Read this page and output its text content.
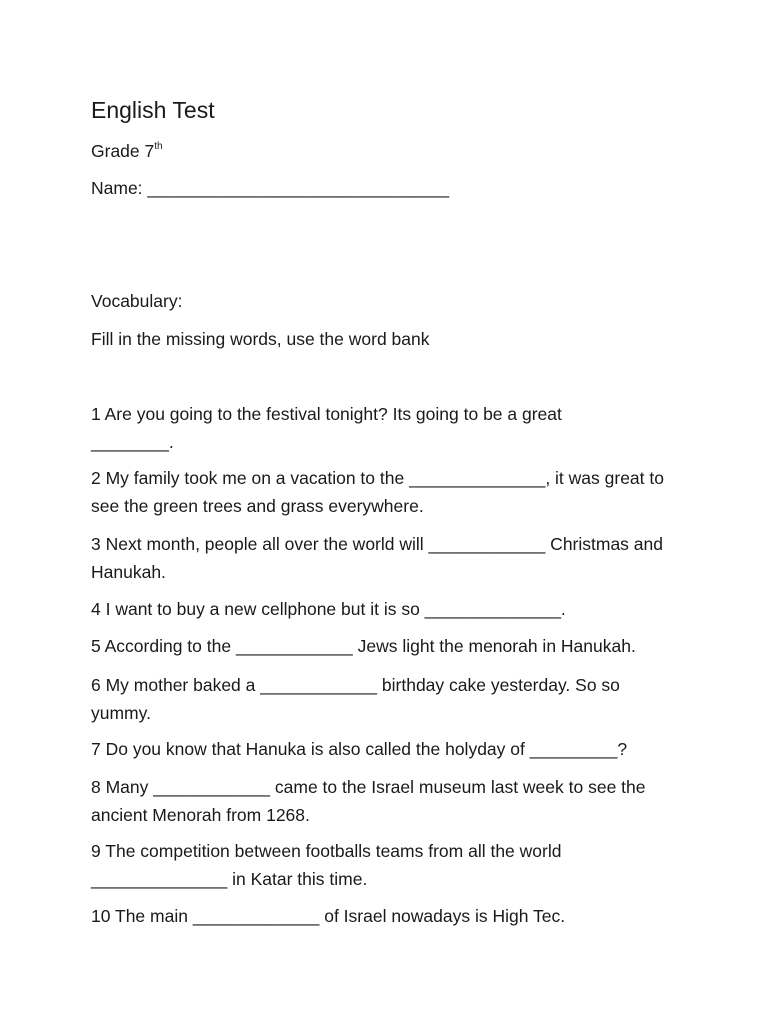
English Test

Grade 7th

Name: _______________________________

Vocabulary:

Fill in the missing words, use the word bank

1 Are you going to the festival tonight? Its going to be a great ________.

2 My family took me on a vacation to the ______________, it was great to see the green trees and grass everywhere.

3 Next month, people all over the world will ____________ Christmas and Hanukah.

4 I want to buy a new cellphone but it is so ______________.

5 According to the ____________ Jews light the menorah in Hanukah.

6 My mother baked a ____________ birthday cake yesterday. So so yummy.

7 Do you know that Hanuka is also called the holyday of _________?

8 Many ____________ came to the Israel museum last week to see the ancient Menorah from 1268.

9 The competition between footballs teams from all the world ______________ in Katar this time.

10 The main _____________ of Israel nowadays is High Tec.
